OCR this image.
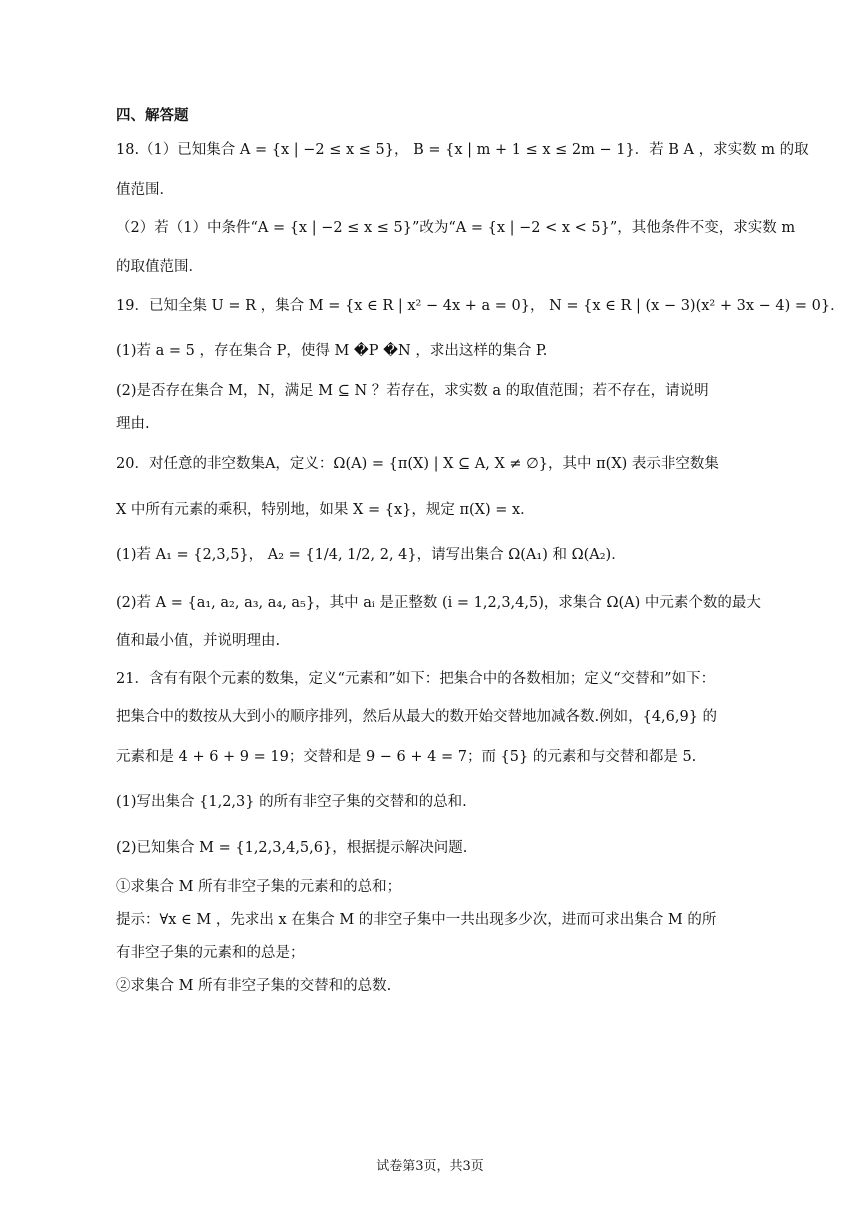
四、解答题
18.（1）已知集合 A = {x | −2 ≤ x ≤ 5}， B = {x | m + 1 ≤ x ≤ 2m − 1}．若 B A ，求实数 m 的取
值范围．
（2）若（1）中条件“A = {x | −2 ≤ x ≤ 5}”改为“A = {x | −2 < x < 5}”，其他条件不变，求实数 m
的取值范围．
19．已知全集 U = R ，集合 M = {x ∈ R | x² − 4x + a = 0}， N = {x ∈ R | (x − 3)(x² + 3x − 4) = 0}．
(1)若 a = 5 ，存在集合 P，使得 M �P �N ，求出这样的集合 P.
(2)是否存在集合 M，N，满足 M ⊆ N ？若存在，求实数 a 的取值范围；若不存在，请说明
理由.
20．对任意的非空数集A，定义：Ω(A) = {π(X) | X ⊆ A, X ≠ ∅}，其中 π(X) 表示非空数集
X 中所有元素的乘积，特别地，如果 X = {x}，规定 π(X) = x．
(1)若 A₁ = {2,3,5}， A₂ = {1/4, 1/2, 2, 4}，请写出集合 Ω(A₁) 和 Ω(A₂)．
(2)若 A = {a₁, a₂, a₃, a₄, a₅}，其中 aᵢ 是正整数 (i = 1,2,3,4,5)，求集合 Ω(A) 中元素个数的最大
值和最小值，并说明理由.
21．含有有限个元素的数集，定义“元素和”如下：把集合中的各数相加；定义“交替和”如下：
把集合中的数按从大到小的顺序排列，然后从最大的数开始交替地加减各数.例如，{4,6,9} 的
元素和是 4 + 6 + 9 = 19；交替和是 9 − 6 + 4 = 7；而 {5} 的元素和与交替和都是 5.
(1)写出集合 {1,2,3} 的所有非空子集的交替和的总和.
(2)已知集合 M = {1,2,3,4,5,6}，根据提示解决问题.
①求集合 M 所有非空子集的元素和的总和；
提示：∀x ∈ M ，先求出 x 在集合 M 的非空子集中一共出现多少次，进而可求出集合 M 的所
有非空子集的元素和的总是；
②求集合 M 所有非空子集的交替和的总数.
试卷第3页，共3页
